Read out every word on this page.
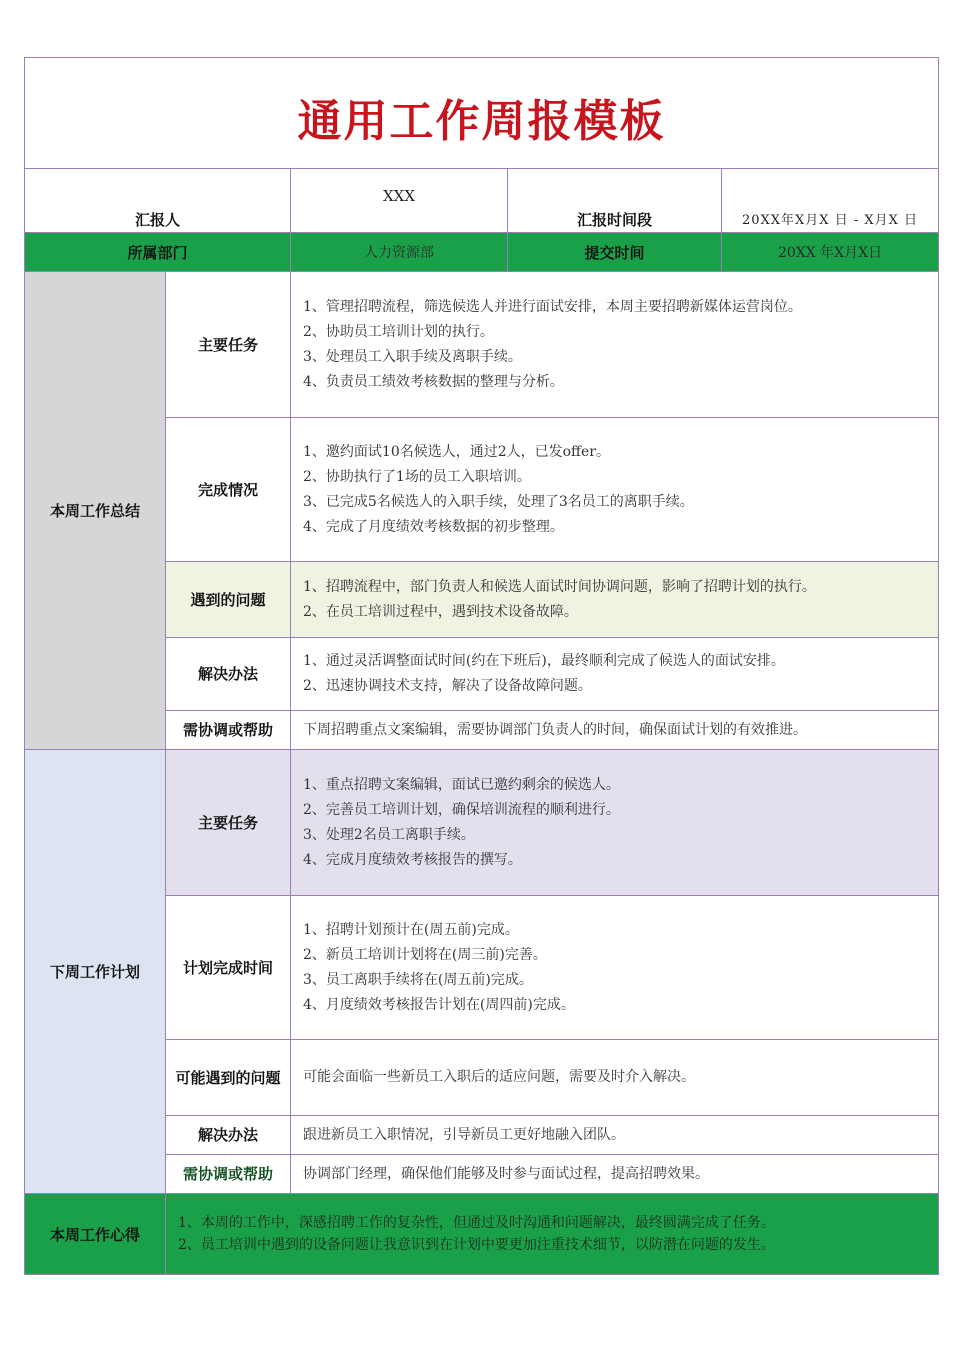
通用工作周报模板				
汇报人		XXX	汇报时间段	20XX年X月X 日 - X月X 日
所属部门		人力资源部	提交时间	20XX 年X月X日
本周工作总结	主要任务	1、管理招聘流程，筛选候选人并进行面试安排，本周主要招聘新媒体运营岗位。
2、协助员工培训计划的执行。
3、处理员工入职手续及离职手续。
4、负责员工绩效考核数据的整理与分析。		

	完成情况	1、邀约面试10名候选人，通过2人，已发offer。
2、协助执行了1场的员工入职培训。
3、已完成5名候选人的入职手续，处理了3名员工的离职手续。
4、完成了月度绩效考核数据的初步整理。		

	遇到的问题	1、招聘流程中，部门负责人和候选人面试时间协调问题，影响了招聘计划的执行。
2、在员工培训过程中，遇到技术设备故障。		

	解决办法	1、通过灵活调整面试时间(约在下班后)，最终顺利完成了候选人的面试安排。
2、迅速协调技术支持，解决了设备故障问题。		

	需协调或帮助	下周招聘重点文案编辑，需要协调部门负责人的时间，确保面试计划的有效推进。		

下周工作计划	主要任务	1、重点招聘文案编辑，面试已邀约剩余的候选人。
2、完善员工培训计划，确保培训流程的顺利进行。
3、处理2名员工离职手续。
4、完成月度绩效考核报告的撰写。		

	计划完成时间	1、招聘计划预计在(周五前)完成。
2、新员工培训计划将在(周三前)完善。
3、员工离职手续将在(周五前)完成。
4、月度绩效考核报告计划在(周四前)完成。		

	可能遇到的问题	可能会面临一些新员工入职后的适应问题，需要及时介入解决。		

	解决办法	跟进新员工入职情况，引导新员工更好地融入团队。		

	需协调或帮助	协调部门经理，确保他们能够及时参与面试过程，提高招聘效果。		

本周工作心得	1、本周的工作中，深感招聘工作的复杂性，但通过及时沟通和问题解决，最终圆满完成了任务。
2、员工培训中遇到的设备问题让我意识到在计划中要更加注重技术细节，以防潜在问题的发生。			
